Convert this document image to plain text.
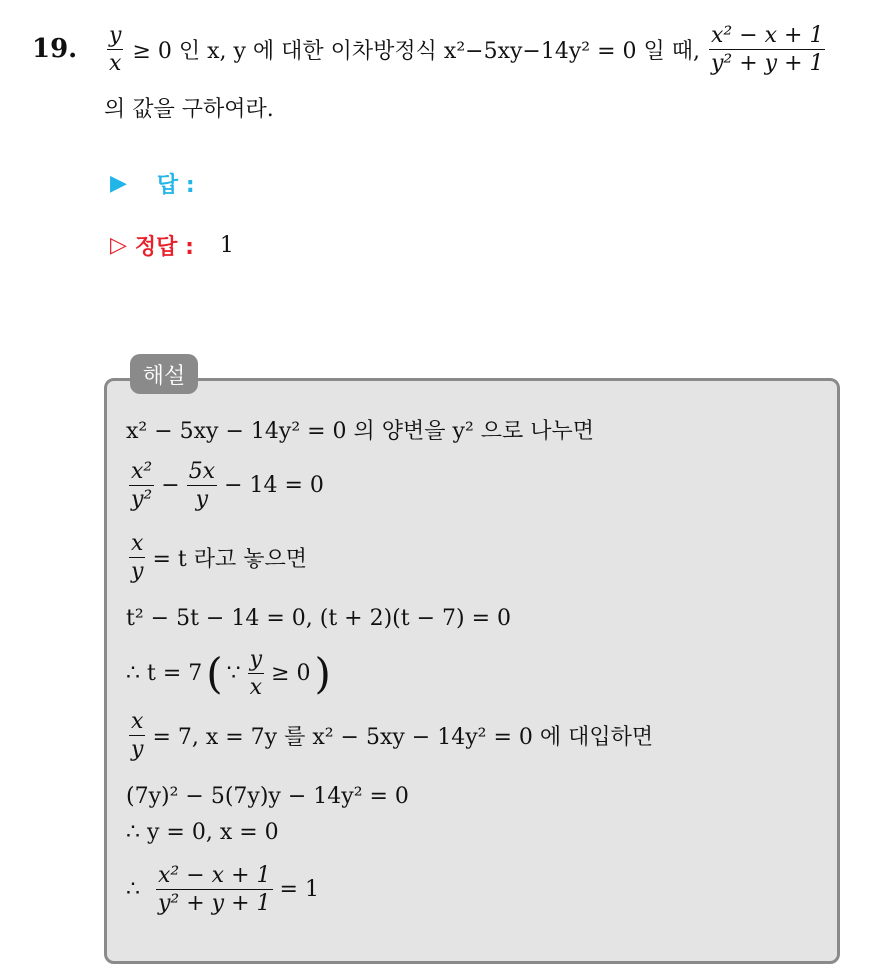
19. $\frac{y}{x} \ge 0$ 인 x, y 에 대한 이차방정식 x²−5xy−14y² = 0 일 때, $\frac{\text{x² − x + 1}}{\text{y² + y + 1}}$
의 값을 구하여라.
▶ 답 :
▷ 정답 : 1
해설
x² − 5xy − 14y² = 0 의 양변을 y² 으로 나누면
$\frac{\text{x²}}{\text{y²}} - \frac{5x}{y} - 14 = 0$
$\frac{x}{y} = t$ 라고 놓으면
t² − 5t − 14 = 0, (t + 2)(t − 7) = 0
∴ t = 7 ( ∵ $\frac{y}{x} \ge 0$ )
$\frac{x}{y} = 7$, x = 7y 를 x² − 5xy − 14y² = 0 에 대입하면
(7y)² − 5(7y)y − 14y² = 0
∴ y = 0, x = 0
∴ $\frac{\text{x² − x + 1}}{\text{y² + y + 1}} = 1$
